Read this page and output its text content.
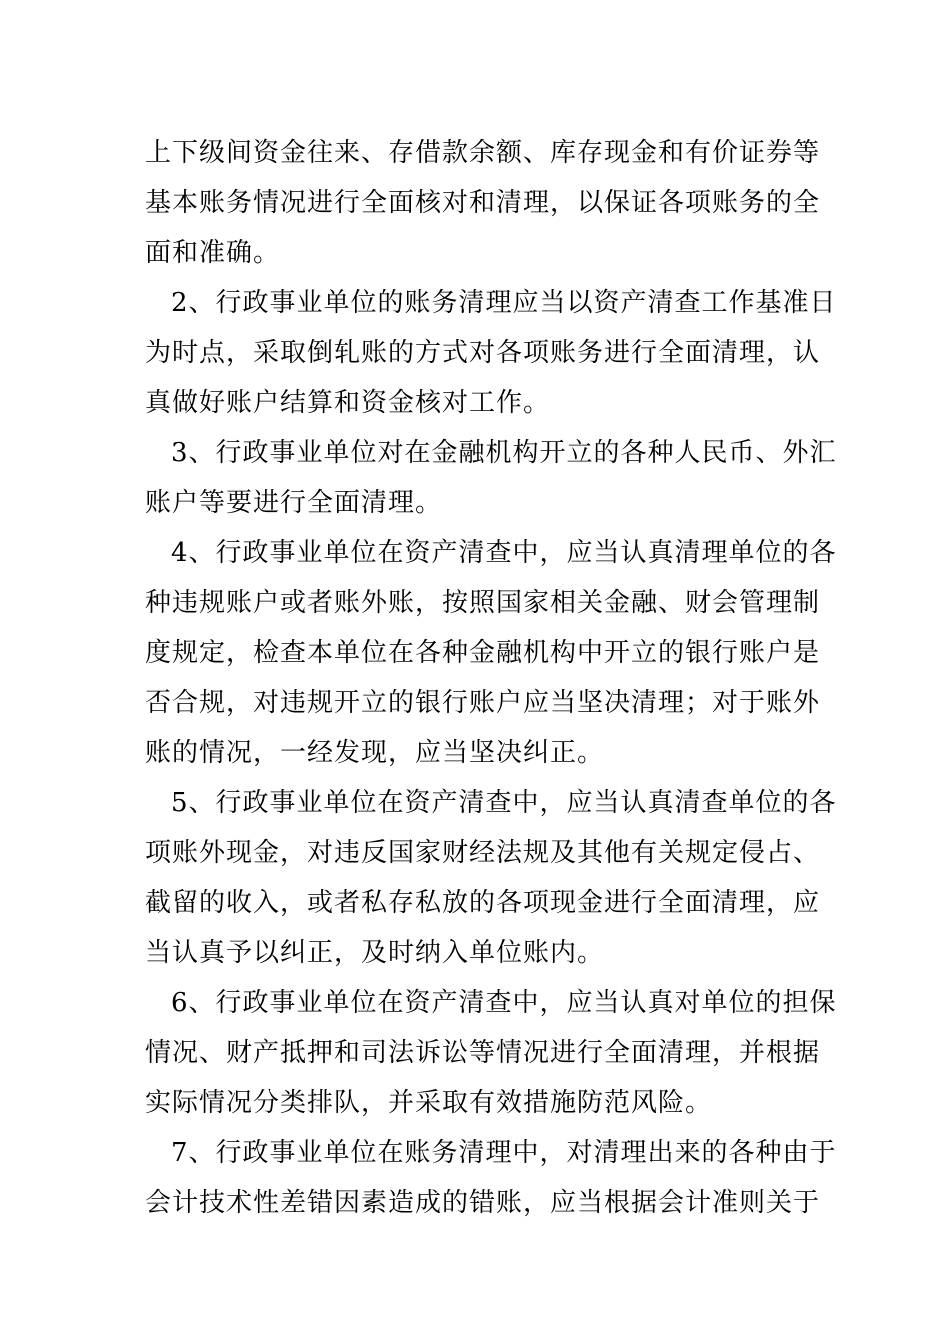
上下级间资金往来、存借款余额、库存现金和有价证券等
基本账务情况进行全面核对和清理，以保证各项账务的全
面和准确。
2、行政事业单位的账务清理应当以资产清查工作基准日
为时点，采取倒轧账的方式对各项账务进行全面清理，认
真做好账户结算和资金核对工作。
3、行政事业单位对在金融机构开立的各种人民币、外汇
账户等要进行全面清理。
4、行政事业单位在资产清查中，应当认真清理单位的各
种违规账户或者账外账，按照国家相关金融、财会管理制
度规定，检查本单位在各种金融机构中开立的银行账户是
否合规，对违规开立的银行账户应当坚决清理；对于账外
账的情况，一经发现，应当坚决纠正。
5、行政事业单位在资产清查中，应当认真清查单位的各
项账外现金，对违反国家财经法规及其他有关规定侵占、
截留的收入，或者私存私放的各项现金进行全面清理，应
当认真予以纠正，及时纳入单位账内。
6、行政事业单位在资产清查中，应当认真对单位的担保
情况、财产抵押和司法诉讼等情况进行全面清理，并根据
实际情况分类排队，并采取有效措施防范风险。
7、行政事业单位在账务清理中，对清理出来的各种由于
会计技术性差错因素造成的错账，应当根据会计准则关于
